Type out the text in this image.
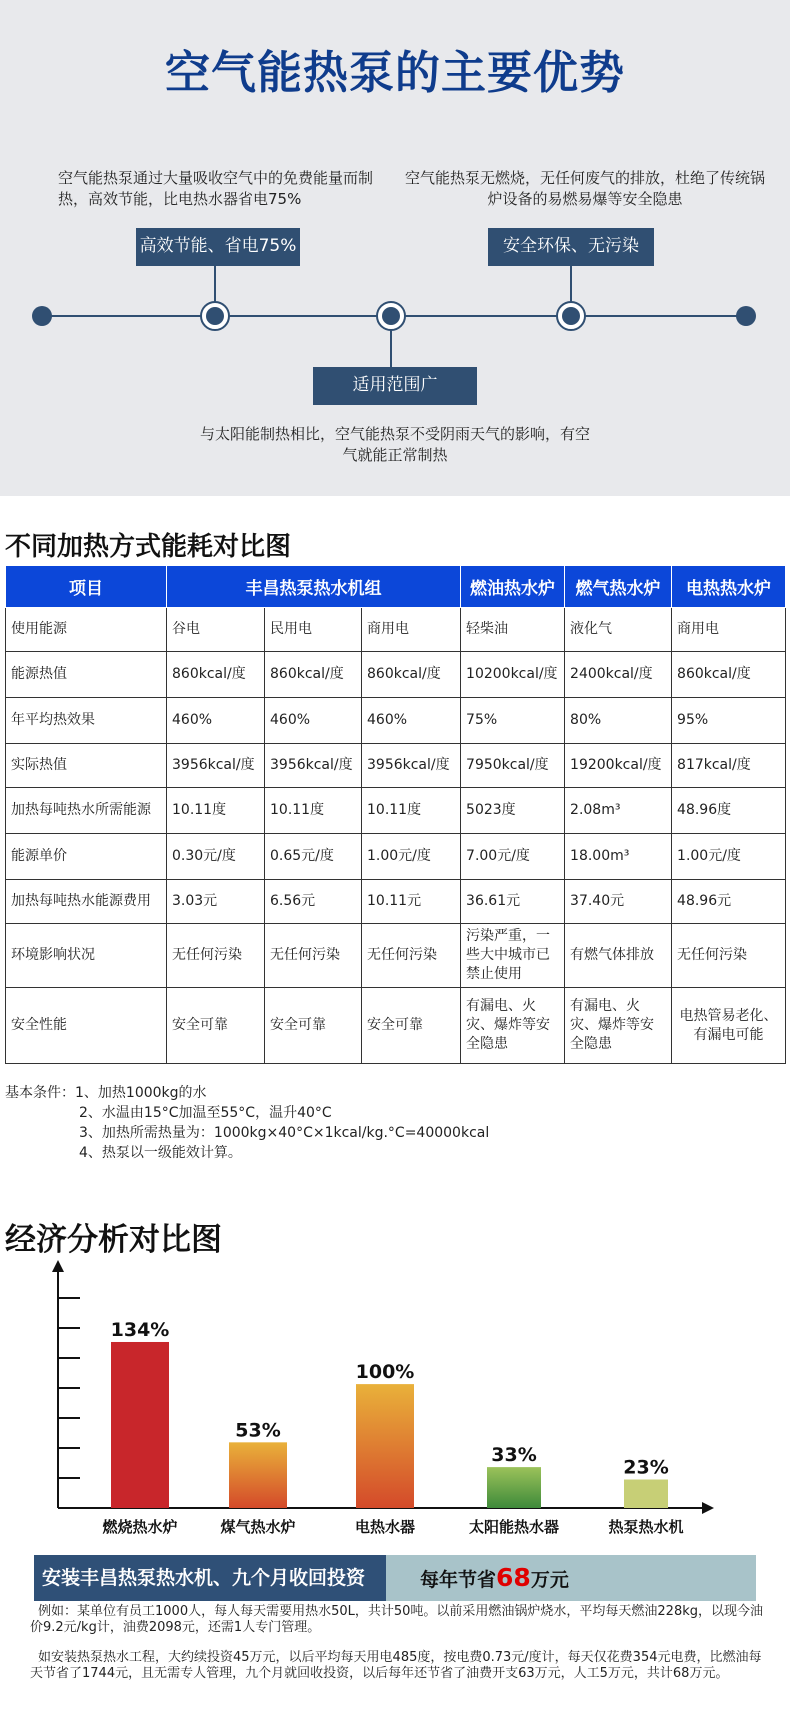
空气能热泵的主要优势
空气能热泵通过大量吸收空气中的免费能量而制热，高效节能，比电热水器省电75%
空气能热泵无燃烧，无任何废气的排放，杜绝了传统锅炉设备的易燃易爆等安全隐患
高效节能、省电75%	安全环保、无污染
适用范围广
与太阳能制热相比，空气能热泵不受阴雨天气的影响，有空气就能正常制热
不同加热方式能耗对比图
项目	丰昌热泵热水机组			燃油热水炉	燃气热水炉	电热热水炉
使用能源	谷电	民用电	商用电	轻柴油	液化气	商用电
能源热值	860kcal/度	860kcal/度	860kcal/度	10200kcal/度	2400kcal/度	860kcal/度
年平均热效果	460%	460%	460%	75%	80%	95%
实际热值	3956kcal/度	3956kcal/度	3956kcal/度	7950kcal/度	19200kcal/度	817kcal/度
加热每吨热水所需能源	10.11度	10.11度	10.11度	5023度	2.08m³	48.96度
能源单价	0.30元/度	0.65元/度	1.00元/度	7.00元/度	18.00m³	1.00元/度
加热每吨热水能源费用	3.03元	6.56元	10.11元	36.61元	37.40元	48.96元
环境影响状况	无任何污染	无任何污染	无任何污染	污染严重，一些大中城市已禁止使用	有燃气体排放	无任何污染
安全性能	安全可靠	安全可靠	安全可靠	有漏电、火灾、爆炸等安全隐患	有漏电、火灾、爆炸等安全隐患	电热管易老化、有漏电可能
基本条件：1、加热1000kg的水
2、水温由15°C加温至55°C，温升40°C
3、加热所需热量为：1000kg×40°C×1kcal/kg.°C=40000kcal
4、热泵以一级能效计算。
经济分析对比图
134%
燃烧热水炉
53%
煤气热水炉
100%
电热水器
33%
太阳能热水器
23%
热泵热水机
安装丰昌热泵热水机、九个月收回投资	每年节省68万元

例如：某单位有员工1000人，每人每天需要用热水50L，共计50吨。以前采用燃油锅炉烧水，平均每天燃油228kg，以现今油价9.2元/kg计，油费2098元，还需1人专门管理。

如安装热泵热水工程，大约续投资45万元，以后平均每天用电485度，按电费0.73元/度计，每天仅花费354元电费，比燃油每天节省了1744元，且无需专人管理，九个月就回收投资，以后每年还节省了油费开支63万元，人工5万元，共计68万元。
